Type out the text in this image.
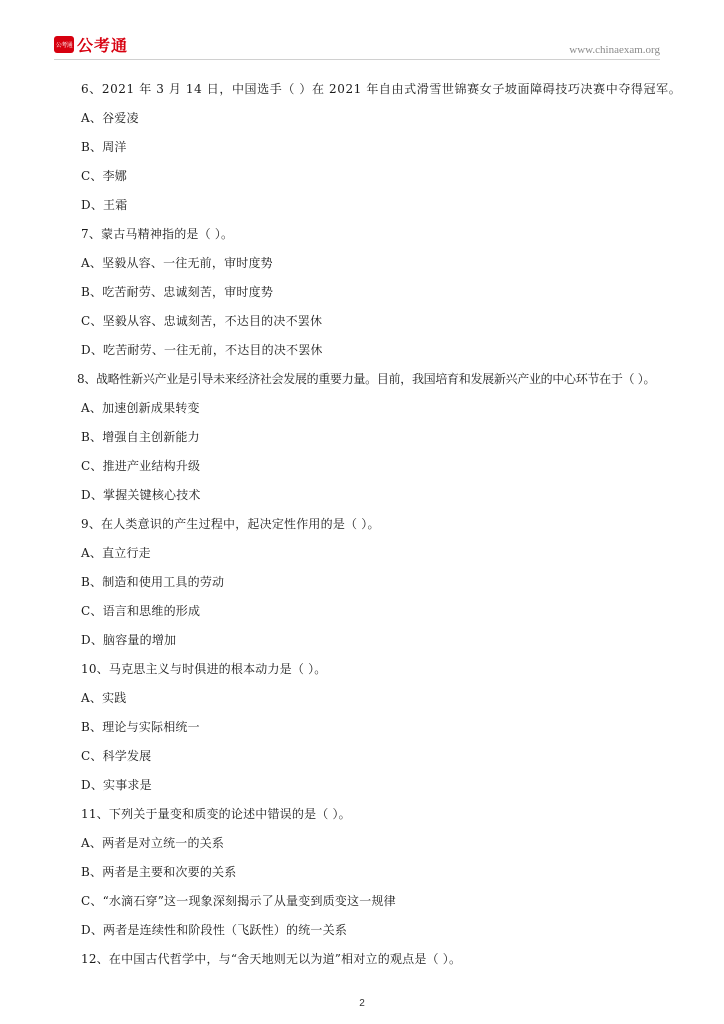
公考通 公考通	www.chinaexam.org
6、2021 年 3 月 14 日，中国选手（ ）在 2021 年自由式滑雪世锦赛女子坡面障碍技巧决赛中夺得冠军。
A、谷爱凌
B、周洋
C、李娜
D、王霜
7、蒙古马精神指的是（ ）。
A、坚毅从容、一往无前，审时度势
B、吃苦耐劳、忠诚刻苦，审时度势
C、坚毅从容、忠诚刻苦，不达目的决不罢休
D、吃苦耐劳、一往无前，不达目的决不罢休
8、战略性新兴产业是引导未来经济社会发展的重要力量。目前，我国培育和发展新兴产业的中心环节在于（ ）。
A、加速创新成果转变
B、增强自主创新能力
C、推进产业结构升级
D、掌握关键核心技术
9、在人类意识的产生过程中，起决定性作用的是（ ）。
A、直立行走
B、制造和使用工具的劳动
C、语言和思维的形成
D、脑容量的增加
10、马克思主义与时俱进的根本动力是（ ）。
A、实践
B、理论与实际相统一
C、科学发展
D、实事求是
11、下列关于量变和质变的论述中错误的是（ ）。
A、两者是对立统一的关系
B、两者是主要和次要的关系
C、“水滴石穿”这一现象深刻揭示了从量变到质变这一规律
D、两者是连续性和阶段性（飞跃性）的统一关系
12、在中国古代哲学中，与“舍天地则无以为道”相对立的观点是（ ）。
2
